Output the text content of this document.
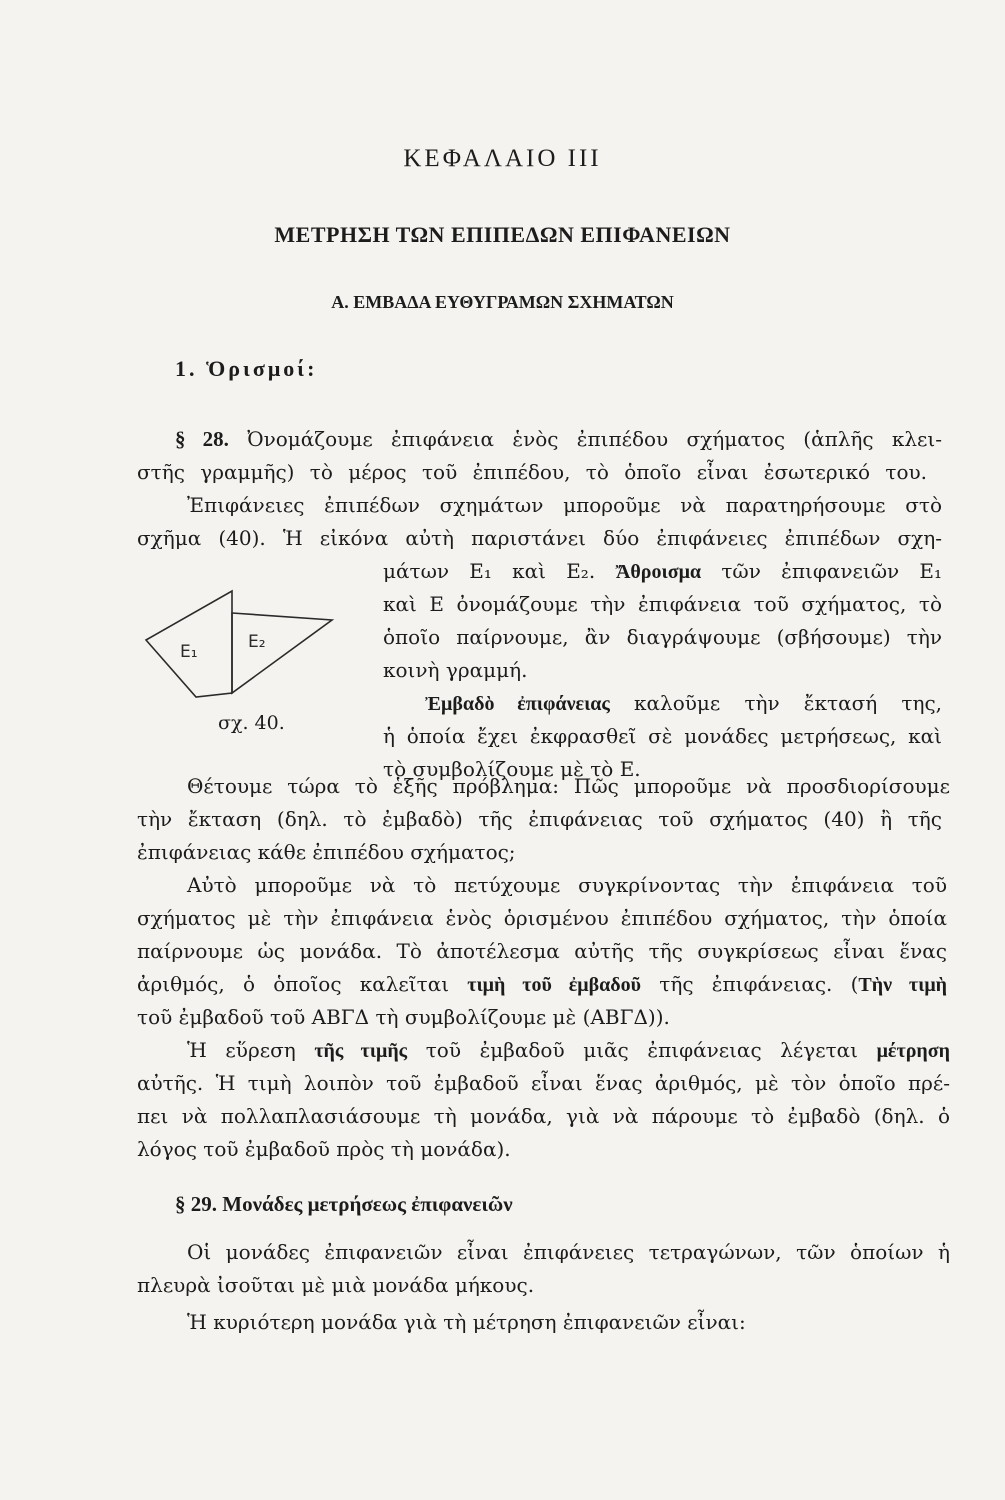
ΚΕΦΑΛΑΙΟ III
ΜΕΤΡΗΣΗ ΤΩΝ ΕΠΙΠΕΔΩΝ ΕΠΙΦΑΝΕΙΩΝ
Α. ΕΜΒΑΔΑ ΕΥΘΥΓΡΑΜΩΝ ΣΧΗΜΑΤΩΝ
1. Ὁρισμοί:
§ 28. Ὀνομάζουμε ἐπιφάνεια ἑνὸς ἐπιπέδου σχήματος (ἁπλῆς κλει-
στῆς γραμμῆς) τὸ μέρος τοῦ ἐπιπέδου, τὸ ὁποῖο εἶναι ἐσωτερικό του.
Ἐπιφάνειες ἐπιπέδων σχημάτων μποροῦμε νὰ παρατηρήσουμε στὸ
σχῆμα (40). Ἡ εἰκόνα αὐτὴ παριστάνει δύο ἐπιφάνειες ἐπιπέδων σχη-
μάτων Ε₁ καὶ Ε₂. Ἄθροισμα τῶν ἐπιφανειῶν Ε₁
καὶ Ε ὀνομάζουμε τὴν ἐπιφάνεια τοῦ σχήματος, τὸ
ὁποῖο παίρνουμε, ἂν διαγράψουμε (σβήσουμε) τὴν
κοινὴ γραμμή.
Ἐμβαδὸ ἐπιφάνειας καλοῦμε τὴν ἔκτασή της,
ἡ ὁποία ἔχει ἐκφρασθεῖ σὲ μονάδες μετρήσεως, καὶ
τὸ συμβολίζουμε μὲ τὸ Ε.
E₁	E₂
σχ. 40.
Θέτουμε τώρα τὸ ἑξῆς πρόβλημα: Πῶς μποροῦμε νὰ προσδιορίσουμε
τὴν ἔκταση (δηλ. τὸ ἐμβαδὸ) τῆς ἐπιφάνειας τοῦ σχήματος (40) ἢ τῆς
ἐπιφάνειας κάθε ἐπιπέδου σχήματος;
Αὐτὸ μποροῦμε νὰ τὸ πετύχουμε συγκρίνοντας τὴν ἐπιφάνεια τοῦ
σχήματος μὲ τὴν ἐπιφάνεια ἑνὸς ὁρισμένου ἐπιπέδου σχήματος, τὴν ὁποία
παίρνουμε ὡς μονάδα. Τὸ ἀποτέλεσμα αὐτῆς τῆς συγκρίσεως εἶναι ἕνας
ἀριθμός, ὁ ὁποῖος καλεῖται τιμὴ τοῦ ἐμβαδοῦ τῆς ἐπιφάνειας. (Τὴν τιμὴ
τοῦ ἐμβαδοῦ τοῦ ΑΒΓΔ τὴ συμβολίζουμε μὲ (ΑΒΓΔ)).
Ἡ εὕρεση τῆς τιμῆς τοῦ ἐμβαδοῦ μιᾶς ἐπιφάνειας λέγεται μέτρηση
αὐτῆς. Ἡ τιμὴ λοιπὸν τοῦ ἐμβαδοῦ εἶναι ἕνας ἀριθμός, μὲ τὸν ὁποῖο πρέ-
πει νὰ πολλαπλασιάσουμε τὴ μονάδα, γιὰ νὰ πάρουμε τὸ ἐμβαδὸ (δηλ. ὁ
λόγος τοῦ ἐμβαδοῦ πρὸς τὴ μονάδα).
§ 29. Μονάδες μετρήσεως ἐπιφανειῶν
Οἱ μονάδες ἐπιφανειῶν εἶναι ἐπιφάνειες τετραγώνων, τῶν ὁποίων ἡ
πλευρὰ ἰσοῦται μὲ μιὰ μονάδα μήκους.
Ἡ κυριότερη μονάδα γιὰ τὴ μέτρηση ἐπιφανειῶν εἶναι:
